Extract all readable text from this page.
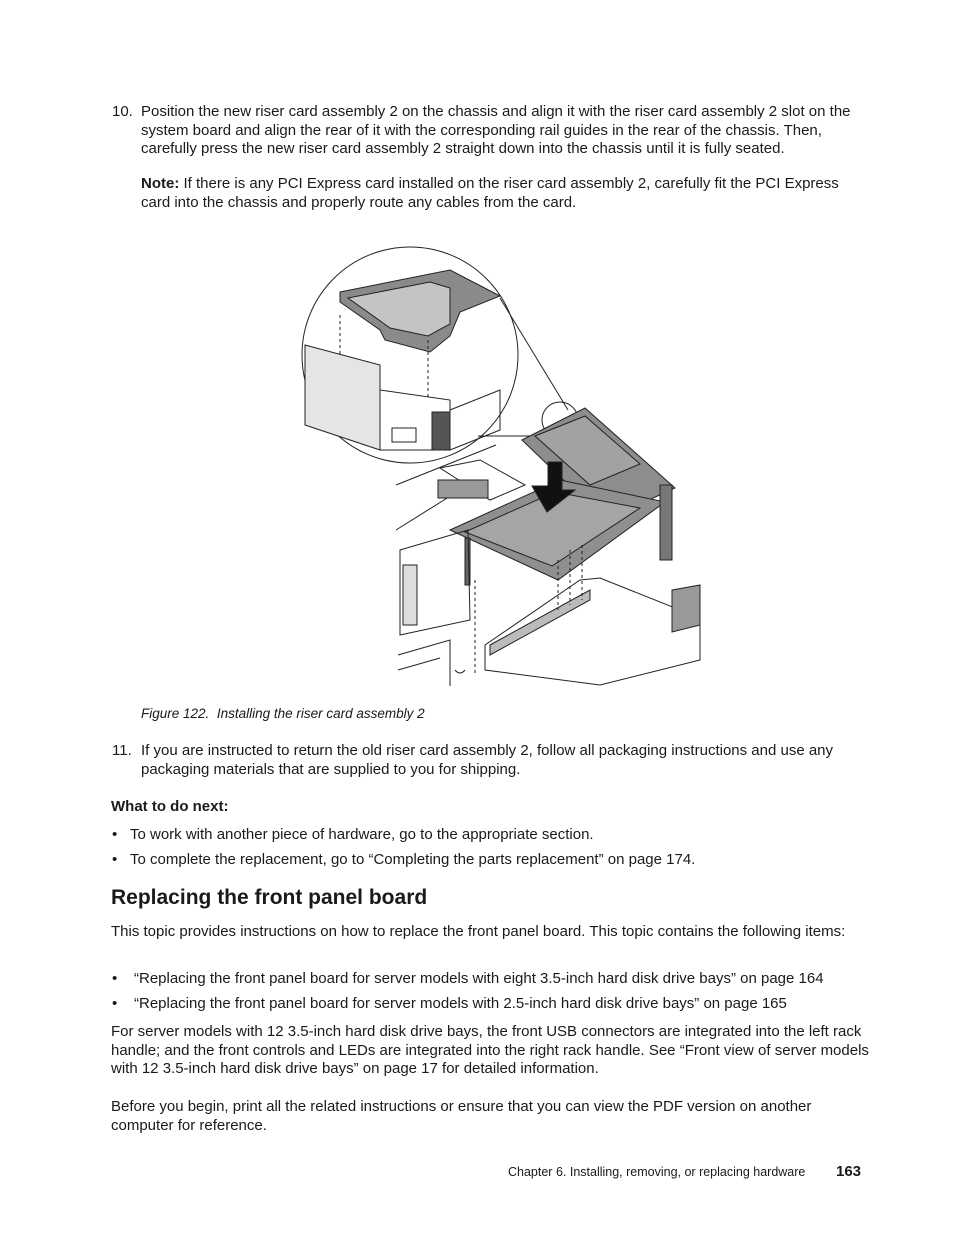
10. Position the new riser card assembly 2 on the chassis and align it with the riser card assembly 2 slot on the system board and align the rear of it with the corresponding rail guides in the rear of the chassis. Then, carefully press the new riser card assembly 2 straight down into the chassis until it is fully seated.
Note: If there is any PCI Express card installed on the riser card assembly 2, carefully fit the PCI Express card into the chassis and properly route any cables from the card.
Figure 122. Installing the riser card assembly 2
11. If you are instructed to return the old riser card assembly 2, follow all packaging instructions and use any packaging materials that are supplied to you for shipping.
What to do next:
• To work with another piece of hardware, go to the appropriate section.
• To complete the replacement, go to “Completing the parts replacement” on page 174.
Replacing the front panel board
This topic provides instructions on how to replace the front panel board. This topic contains the following items:
• “Replacing the front panel board for server models with eight 3.5-inch hard disk drive bays” on page 164
• “Replacing the front panel board for server models with 2.5-inch hard disk drive bays” on page 165
For server models with 12 3.5-inch hard disk drive bays, the front USB connectors are integrated into the left rack handle; and the front controls and LEDs are integrated into the right rack handle. See “Front view of server models with 12 3.5-inch hard disk drive bays” on page 17 for detailed information.
Before you begin, print all the related instructions or ensure that you can view the PDF version on another computer for reference.
Chapter 6. Installing, removing, or replacing hardware 163
